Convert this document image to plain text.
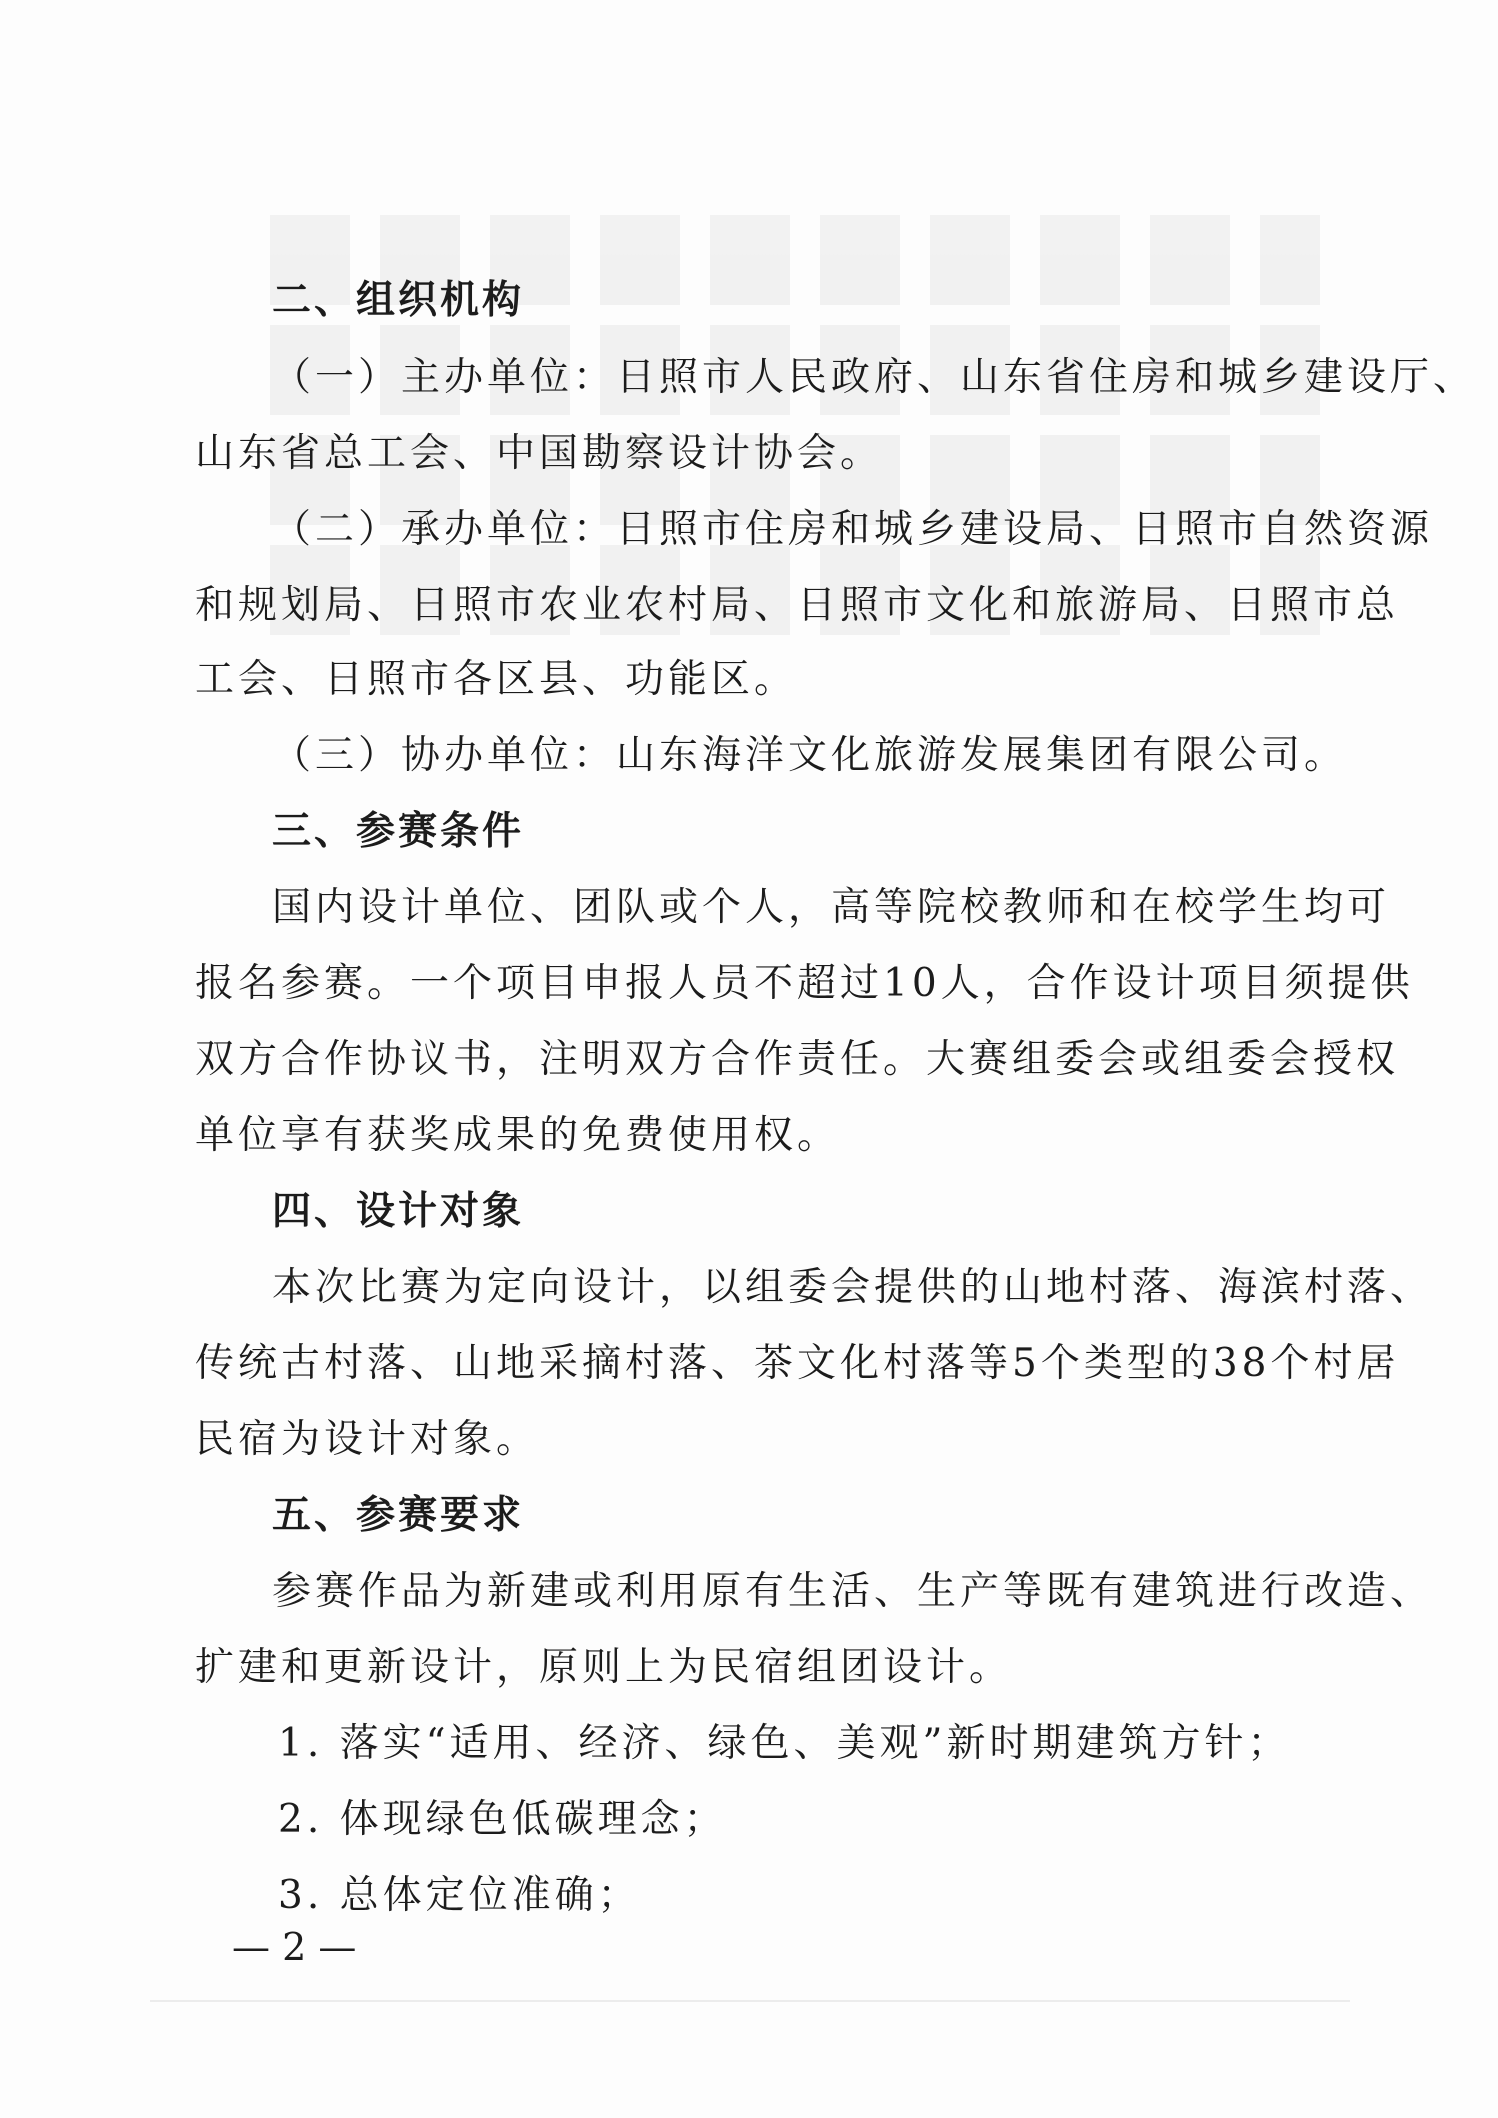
二、组织机构
（一）主办单位：日照市人民政府、山东省住房和城乡建设厅、
山东省总工会、中国勘察设计协会。
（二）承办单位：日照市住房和城乡建设局、日照市自然资源
和规划局、日照市农业农村局、日照市文化和旅游局、日照市总
工会、日照市各区县、功能区。
（三）协办单位：山东海洋文化旅游发展集团有限公司。
三、参赛条件
国内设计单位、团队或个人，高等院校教师和在校学生均可
报名参赛。一个项目申报人员不超过10人，合作设计项目须提供
双方合作协议书，注明双方合作责任。大赛组委会或组委会授权
单位享有获奖成果的免费使用权。
四、设计对象
本次比赛为定向设计，以组委会提供的山地村落、海滨村落、
传统古村落、山地采摘村落、茶文化村落等5个类型的38个村居
民宿为设计对象。
五、参赛要求
参赛作品为新建或利用原有生活、生产等既有建筑进行改造、
扩建和更新设计，原则上为民宿组团设计。
1. 落实“适用、经济、绿色、美观”新时期建筑方针；
2. 体现绿色低碳理念；
3. 总体定位准确；
— 2 —
